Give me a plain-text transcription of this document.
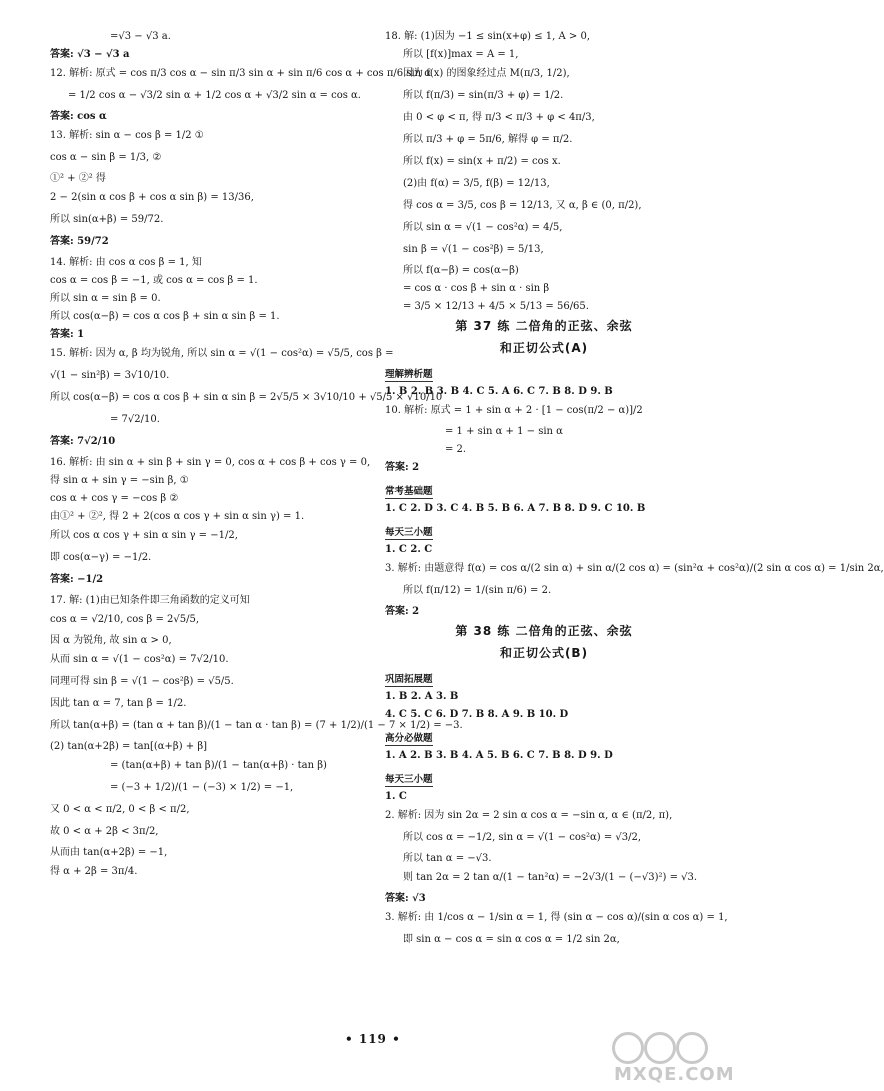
=√3 − √3 a.
答案: √3 − √3 a
12. 解析: 原式 = cos π/3 cos α − sin π/3 sin α + sin π/6 cos α + cos π/6 sin α
= 1/2 cos α − √3/2 sin α + 1/2 cos α + √3/2 sin α = cos α.
答案: cos α
13. 解析: sin α − cos β = 1/2 ①
cos α − sin β = 1/3, ②
①² + ②² 得
2 − 2(sin α cos β + cos α sin β) = 13/36,
所以 sin(α+β) = 59/72.
答案: 59/72
14. 解析: 由 cos α cos β = 1, 知
cos α = cos β = −1, 或 cos α = cos β = 1.
所以 sin α = sin β = 0.
所以 cos(α−β) = cos α cos β + sin α sin β = 1.
答案: 1
15. 解析: 因为 α, β 均为锐角, 所以 sin α = √(1 − cos²α) = √5/5, cos β =
√(1 − sin²β) = 3√10/10.
所以 cos(α−β) = cos α cos β + sin α sin β = 2√5/5 × 3√10/10 + √5/5 × √10/10
= 7√2/10.
答案: 7√2/10
16. 解析: 由 sin α + sin β + sin γ = 0, cos α + cos β + cos γ = 0,
得 sin α + sin γ = −sin β, ①
cos α + cos γ = −cos β ②
由①² + ②², 得 2 + 2(cos α cos γ + sin α sin γ) = 1.
所以 cos α cos γ + sin α sin γ = −1/2,
即 cos(α−γ) = −1/2.
答案: −1/2
17. 解: (1)由已知条件即三角函数的定义可知
cos α = √2/10, cos β = 2√5/5,
因 α 为锐角, 故 sin α > 0,
从而 sin α = √(1 − cos²α) = 7√2/10.
同理可得 sin β = √(1 − cos²β) = √5/5.
因此 tan α = 7, tan β = 1/2.
所以 tan(α+β) = (tan α + tan β)/(1 − tan α · tan β) = (7 + 1/2)/(1 − 7 × 1/2) = −3.
(2) tan(α+2β) = tan[(α+β) + β]
= (tan(α+β) + tan β)/(1 − tan(α+β) · tan β)
= (−3 + 1/2)/(1 − (−3) × 1/2) = −1,
又 0 < α < π/2, 0 < β < π/2,
故 0 < α + 2β < 3π/2,
从而由 tan(α+2β) = −1,
得 α + 2β = 3π/4.
18. 解: (1)因为 −1 ≤ sin(x+φ) ≤ 1, A > 0,
所以 [f(x)]max = A = 1,
因为 f(x) 的图象经过点 M(π/3, 1/2),
所以 f(π/3) = sin(π/3 + φ) = 1/2.
由 0 < φ < π, 得 π/3 < π/3 + φ < 4π/3,
所以 π/3 + φ = 5π/6, 解得 φ = π/2.
所以 f(x) = sin(x + π/2) = cos x.
(2)由 f(α) = 3/5, f(β) = 12/13,
得 cos α = 3/5, cos β = 12/13, 又 α, β ∈ (0, π/2),
所以 sin α = √(1 − cos²α) = 4/5,
sin β = √(1 − cos²β) = 5/13,
所以 f(α−β) = cos(α−β)
= cos α · cos β + sin α · sin β
= 3/5 × 12/13 + 4/5 × 5/13 = 56/65.
第 37 练 二倍角的正弦、余弦
和正切公式(A)
理解辨析题
1. B 2. B 3. B 4. C 5. A 6. C 7. B 8. D 9. B
10. 解析: 原式 = 1 + sin α + 2 · [1 − cos(π/2 − α)]/2
= 1 + sin α + 1 − sin α
= 2.
答案: 2
常考基础题
1. C 2. D 3. C 4. B 5. B 6. A 7. B 8. D 9. C 10. B
每天三小题
1. C 2. C
3. 解析: 由题意得 f(α) = cos α/(2 sin α) + sin α/(2 cos α) = (sin²α + cos²α)/(2 sin α cos α) = 1/sin 2α,
所以 f(π/12) = 1/(sin π/6) = 2.
答案: 2
第 38 练 二倍角的正弦、余弦
和正切公式(B)
巩固拓展题
1. B 2. A 3. B
4. C 5. C 6. D 7. B 8. A 9. B 10. D
高分必做题
1. A 2. B 3. B 4. A 5. B 6. C 7. B 8. D 9. D
每天三小题
1. C
2. 解析: 因为 sin 2α = 2 sin α cos α = −sin α, α ∈ (π/2, π),
所以 cos α = −1/2, sin α = √(1 − cos²α) = √3/2,
所以 tan α = −√3.
则 tan 2α = 2 tan α/(1 − tan²α) = −2√3/(1 − (−√3)²) = √3.
答案: √3
3. 解析: 由 1/cos α − 1/sin α = 1, 得 (sin α − cos α)/(sin α cos α) = 1,
即 sin α − cos α = sin α cos α = 1/2 sin 2α,
• 119 •
MXQE.COM
